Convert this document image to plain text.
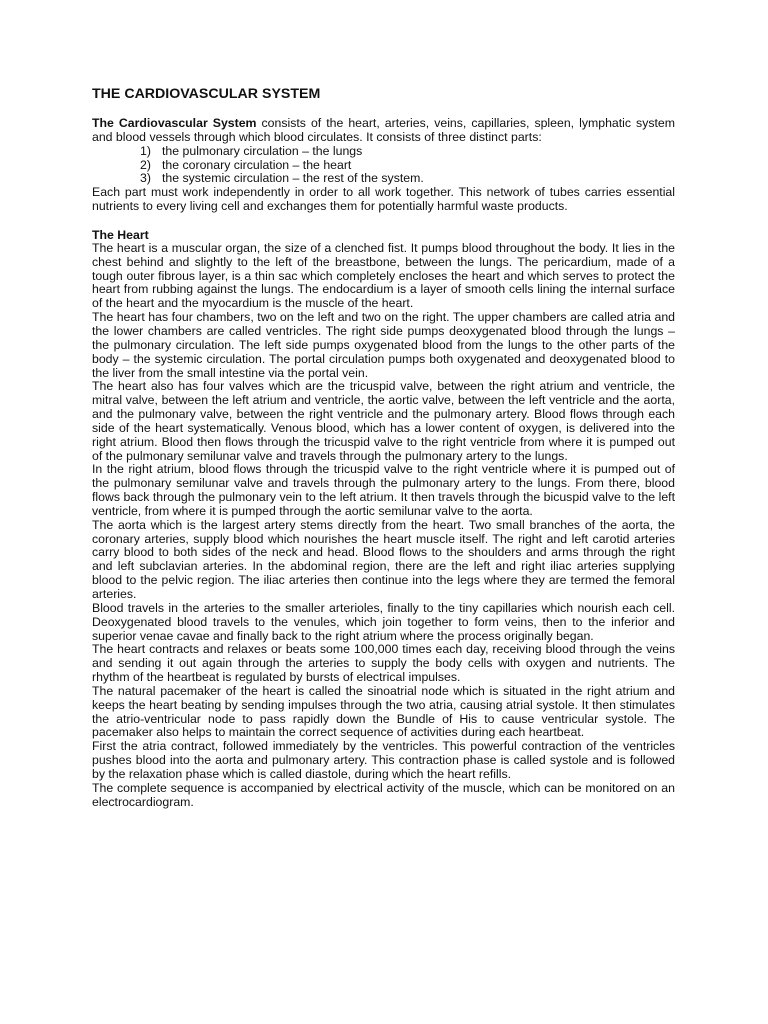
THE CARDIOVASCULAR SYSTEM

The Cardiovascular System consists of the heart, arteries, veins, capillaries, spleen, lymphatic system and blood vessels through which blood circulates. It consists of three distinct parts:

1) the pulmonary circulation – the lungs
2) the coronary circulation – the heart
3) the systemic circulation – the rest of the system.

Each part must work independently in order to all work together. This network of tubes carries essential nutrients to every living cell and exchanges them for potentially harmful waste products.

The Heart

The heart is a muscular organ, the size of a clenched fist. It pumps blood throughout the body. It lies in the chest behind and slightly to the left of the breastbone, between the lungs. The pericardium, made of a tough outer fibrous layer, is a thin sac which completely encloses the heart and which serves to protect the heart from rubbing against the lungs. The endocardium is a layer of smooth cells lining the internal surface of the heart and the myocardium is the muscle of the heart.

The heart has four chambers, two on the left and two on the right. The upper chambers are called atria and the lower chambers are called ventricles. The right side pumps deoxygenated blood through the lungs – the pulmonary circulation. The left side pumps oxygenated blood from the lungs to the other parts of the body – the systemic circulation. The portal circulation pumps both oxygenated and deoxygenated blood to the liver from the small intestine via the portal vein.

The heart also has four valves which are the tricuspid valve, between the right atrium and ventricle, the mitral valve, between the left atrium and ventricle, the aortic valve, between the left ventricle and the aorta, and the pulmonary valve, between the right ventricle and the pulmonary artery. Blood flows through each side of the heart systematically. Venous blood, which has a lower content of oxygen, is delivered into the right atrium. Blood then flows through the tricuspid valve to the right ventricle from where it is pumped out of the pulmonary semilunar valve and travels through the pulmonary artery to the lungs.

In the right atrium, blood flows through the tricuspid valve to the right ventricle where it is pumped out of the pulmonary semilunar valve and travels through the pulmonary artery to the lungs. From there, blood flows back through the pulmonary vein to the left atrium. It then travels through the bicuspid valve to the left ventricle, from where it is pumped through the aortic semilunar valve to the aorta.

The aorta which is the largest artery stems directly from the heart. Two small branches of the aorta, the coronary arteries, supply blood which nourishes the heart muscle itself. The right and left carotid arteries carry blood to both sides of the neck and head. Blood flows to the shoulders and arms through the right and left subclavian arteries. In the abdominal region, there are the left and right iliac arteries supplying blood to the pelvic region. The iliac arteries then continue into the legs where they are termed the femoral arteries.

Blood travels in the arteries to the smaller arterioles, finally to the tiny capillaries which nourish each cell. Deoxygenated blood travels to the venules, which join together to form veins, then to the inferior and superior venae cavae and finally back to the right atrium where the process originally began.

The heart contracts and relaxes or beats some 100,000 times each day, receiving blood through the veins and sending it out again through the arteries to supply the body cells with oxygen and nutrients. The rhythm of the heartbeat is regulated by bursts of electrical impulses.

The natural pacemaker of the heart is called the sinoatrial node which is situated in the right atrium and keeps the heart beating by sending impulses through the two atria, causing atrial systole. It then stimulates the atrio-ventricular node to pass rapidly down the Bundle of His to cause ventricular systole. The pacemaker also helps to maintain the correct sequence of activities during each heartbeat.

First the atria contract, followed immediately by the ventricles. This powerful contraction of the ventricles pushes blood into the aorta and pulmonary artery. This contraction phase is called systole and is followed by the relaxation phase which is called diastole, during which the heart refills.

The complete sequence is accompanied by electrical activity of the muscle, which can be monitored on an electrocardiogram.
